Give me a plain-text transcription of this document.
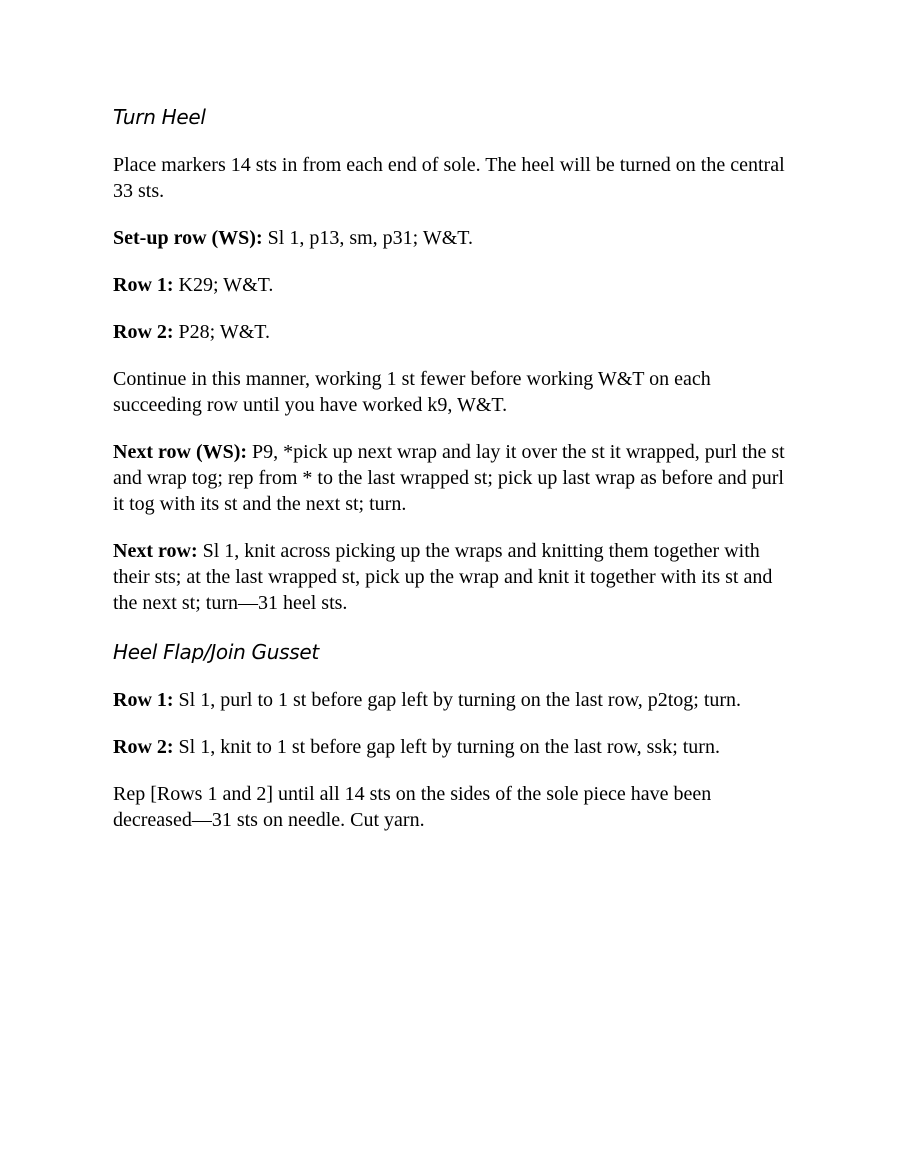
Turn Heel

Place markers 14 sts in from each end of sole. The heel will be turned on the central 33 sts.

Set-up row (WS): Sl 1, p13, sm, p31; W&T.

Row 1: K29; W&T.

Row 2: P28; W&T.

Continue in this manner, working 1 st fewer before working W&T on each succeeding row until you have worked k9, W&T.

Next row (WS): P9, *pick up next wrap and lay it over the st it wrapped, purl the st and wrap tog; rep from * to the last wrapped st; pick up last wrap as before and purl it tog with its st and the next st; turn.

Next row: Sl 1, knit across picking up the wraps and knitting them together with their sts; at the last wrapped st, pick up the wrap and knit it together with its st and the next st; turn—31 heel sts.

Heel Flap/Join Gusset

Row 1: Sl 1, purl to 1 st before gap left by turning on the last row, p2tog; turn.

Row 2: Sl 1, knit to 1 st before gap left by turning on the last row, ssk; turn.

Rep [Rows 1 and 2] until all 14 sts on the sides of the sole piece have been decreased—31 sts on needle. Cut yarn.
